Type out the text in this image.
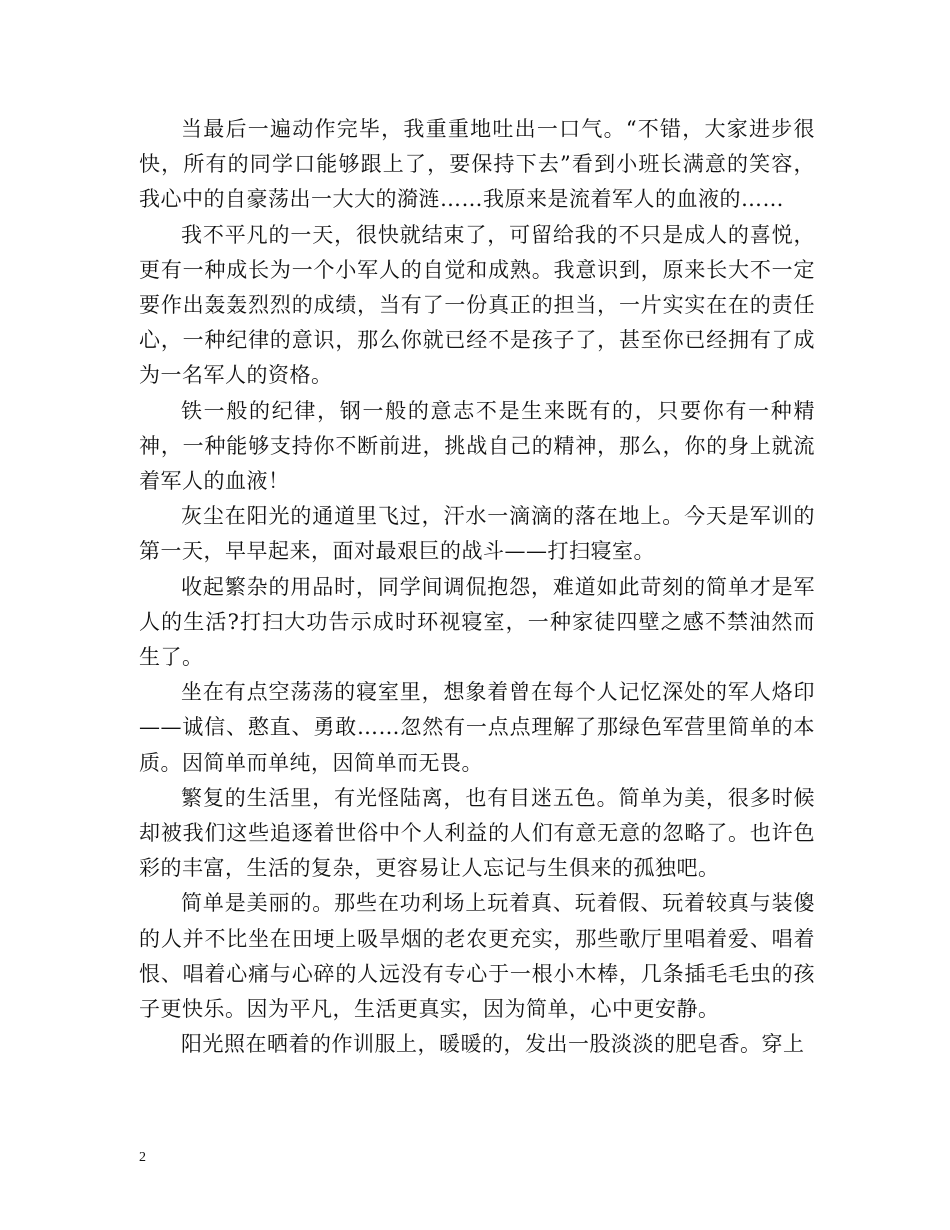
当最后一遍动作完毕，我重重地吐出一口气。“不错，大家进步很快，所有的同学口能够跟上了，要保持下去”看到小班长满意的笑容，我心中的自豪荡出一大大的漪涟……我原来是流着军人的血液的……

我不平凡的一天，很快就结束了，可留给我的不只是成人的喜悦，更有一种成长为一个小军人的自觉和成熟。我意识到，原来长大不一定要作出轰轰烈烈的成绩，当有了一份真正的担当，一片实实在在的责任心，一种纪律的意识，那么你就已经不是孩子了，甚至你已经拥有了成为一名军人的资格。

铁一般的纪律，钢一般的意志不是生来既有的，只要你有一种精神，一种能够支持你不断前进，挑战自己的精神，那么，你的身上就流着军人的血液！

灰尘在阳光的通道里飞过，汗水一滴滴的落在地上。今天是军训的第一天，早早起来，面对最艰巨的战斗——打扫寝室。

收起繁杂的用品时，同学间调侃抱怨，难道如此苛刻的简单才是军人的生活?打扫大功告示成时环视寝室，一种家徒四壁之感不禁油然而生了。

坐在有点空荡荡的寝室里，想象着曾在每个人记忆深处的军人烙印——诚信、憨直、勇敢……忽然有一点点理解了那绿色军营里简单的本质。因简单而单纯，因简单而无畏。

繁复的生活里，有光怪陆离，也有目迷五色。简单为美，很多时候却被我们这些追逐着世俗中个人利益的人们有意无意的忽略了。也许色彩的丰富，生活的复杂，更容易让人忘记与生俱来的孤独吧。

简单是美丽的。那些在功利场上玩着真、玩着假、玩着较真与装傻的人并不比坐在田埂上吸旱烟的老农更充实，那些歌厅里唱着爱、唱着恨、唱着心痛与心碎的人远没有专心于一根小木棒，几条插毛毛虫的孩子更快乐。因为平凡，生活更真实，因为简单，心中更安静。

阳光照在晒着的作训服上，暖暖的，发出一股淡淡的肥皂香。穿上

2
